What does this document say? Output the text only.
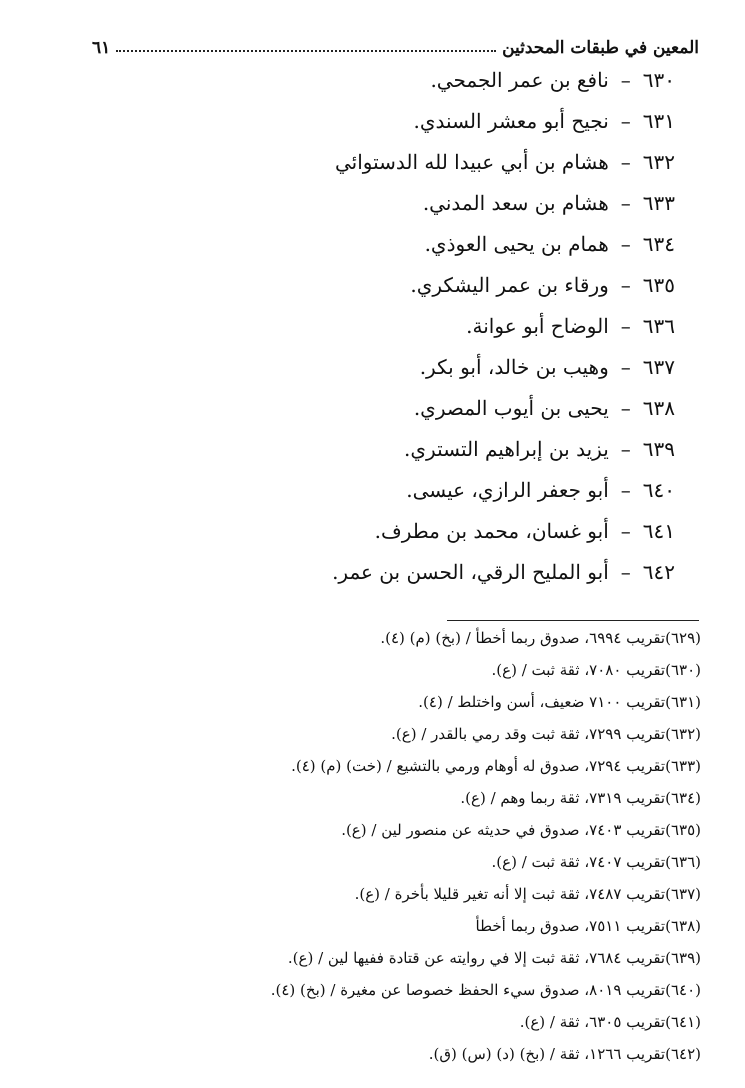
المعين في طبقات المحدثين
٦١
٦٣٠–نافع بن عمر الجمحي.
٦٣١–نجيح أبو معشر السندي.
٦٣٢–هشام بن أبي عبيدا لله الدستوائي
٦٣٣–هشام بن سعد المدني.
٦٣٤–همام بن يحيى العوذي.
٦٣٥–ورقاء بن عمر اليشكري.
٦٣٦–الوضاح أبو عوانة.
٦٣٧–وهيب بن خالد، أبو بكر.
٦٣٨–يحيى بن أيوب المصري.
٦٣٩–يزيد بن إبراهيم التستري.
٦٤٠–أبو جعفر الرازي، عيسى.
٦٤١–أبو غسان، محمد بن مطرف.
٦٤٢–أبو المليح الرقي، الحسن بن عمر.
(٦٢٩)تقريب ٦٩٩٤، صدوق ربما أخطأ / (بخ) (م) (٤).
(٦٣٠)تقريب ٧٠٨٠، ثقة ثبت / (ع).
(٦٣١)تقريب ٧١٠٠ ضعيف، أسن واختلط / (٤).
(٦٣٢)تقريب ٧٢٩٩، ثقة ثبت وقد رمي بالقدر / (ع).
(٦٣٣)تقريب ٧٢٩٤، صدوق له أوهام ورمي بالتشيع / (خت) (م) (٤).
(٦٣٤)تقريب ٧٣١٩، ثقة ربما وهم / (ع).
(٦٣٥)تقريب ٧٤٠٣، صدوق في حديثه عن منصور لين / (ع).
(٦٣٦)تقريب ٧٤٠٧، ثقة ثبت / (ع).
(٦٣٧)تقريب ٧٤٨٧، ثقة ثبت إلا أنه تغير قليلا بأخرة / (ع).
(٦٣٨)تقريب ٧٥١١، صدوق ربما أخطأ
(٦٣٩)تقريب ٧٦٨٤، ثقة ثبت إلا في روايته عن قتادة ففيها لين / (ع).
(٦٤٠)تقريب ٨٠١٩، صدوق سيء الحفظ خصوصا عن مغيرة / (بخ) (٤).
(٦٤١)تقريب ٦٣٠٥، ثقة / (ع).
(٦٤٢)تقريب ١٢٦٦، ثقة / (بخ) (د) (س) (ق).
